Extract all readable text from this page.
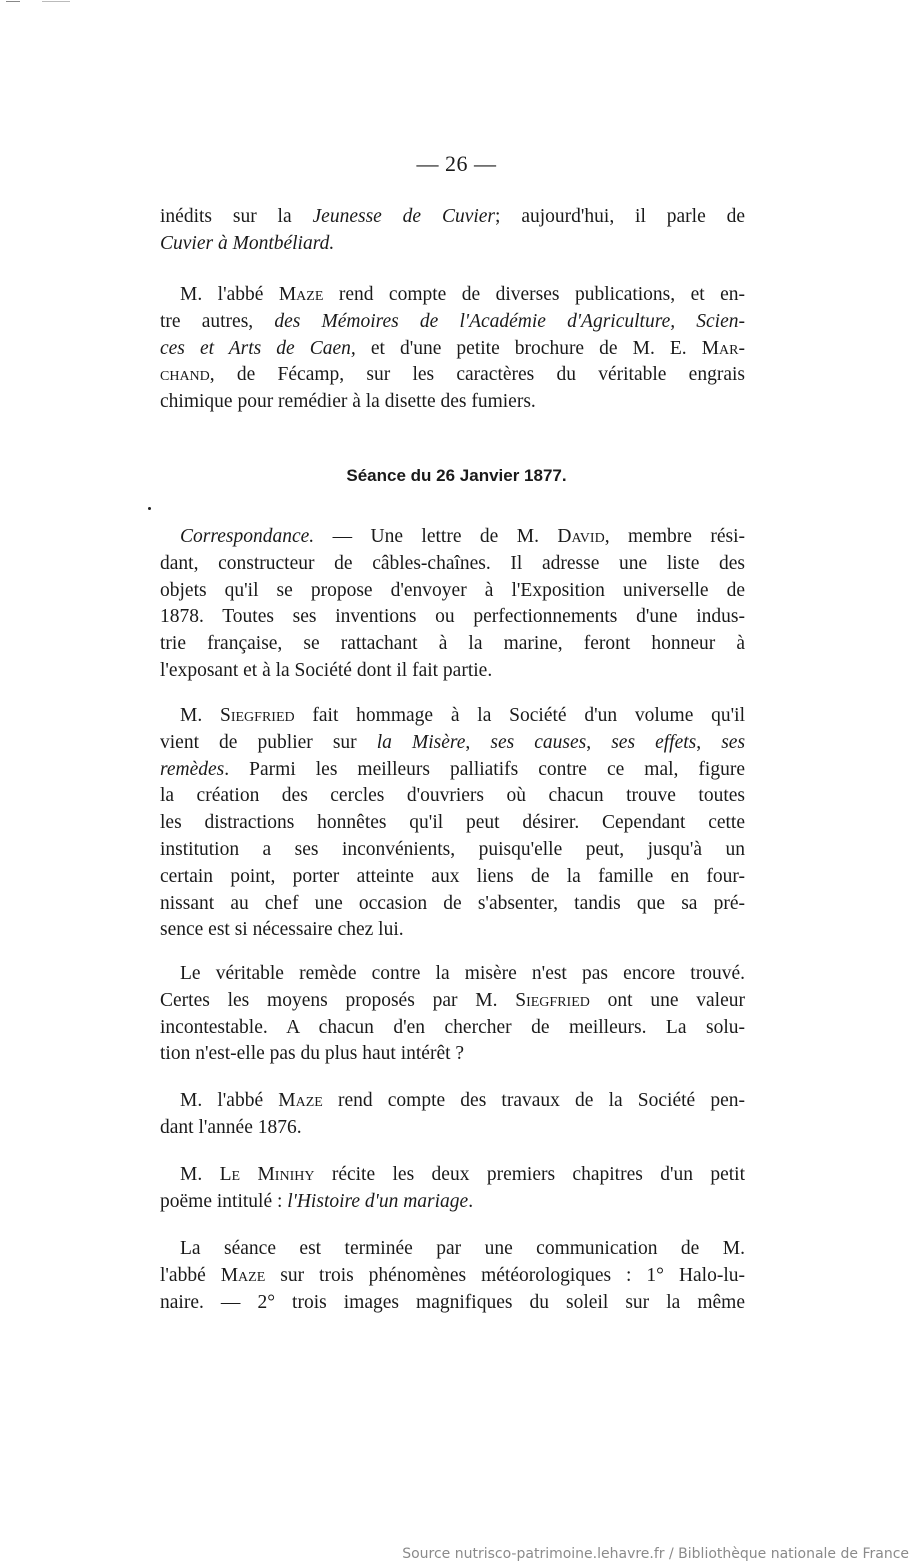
— 26 —
inédits sur la Jeunesse de Cuvier; aujourd'hui, il parle de
Cuvier à Montbéliard.
M. l'abbé Maze rend compte de diverses publications, et en-
tre autres, des Mémoires de l'Académie d'Agriculture, Scien-
ces et Arts de Caen, et d'une petite brochure de M. E. Mar-
chand, de Fécamp, sur les caractères du véritable engrais
chimique pour remédier à la disette des fumiers.
Séance du 26 Janvier 1877.
Correspondance. — Une lettre de M. David, membre rési-
dant, constructeur de câbles-chaînes. Il adresse une liste des
objets qu'il se propose d'envoyer à l'Exposition universelle de
1878. Toutes ses inventions ou perfectionnements d'une indus-
trie française, se rattachant à la marine, feront honneur à
l'exposant et à la Société dont il fait partie.
M. Siegfried fait hommage à la Société d'un volume qu'il
vient de publier sur la Misère, ses causes, ses effets, ses
remèdes. Parmi les meilleurs palliatifs contre ce mal, figure
la création des cercles d'ouvriers où chacun trouve toutes
les distractions honnêtes qu'il peut désirer. Cependant cette
institution a ses inconvénients, puisqu'elle peut, jusqu'à un
certain point, porter atteinte aux liens de la famille en four-
nissant au chef une occasion de s'absenter, tandis que sa pré-
sence est si nécessaire chez lui.
Le véritable remède contre la misère n'est pas encore trouvé.
Certes les moyens proposés par M. Siegfried ont une valeur
incontestable. A chacun d'en chercher de meilleurs. La solu-
tion n'est-elle pas du plus haut intérêt ?
M. l'abbé Maze rend compte des travaux de la Société pen-
dant l'année 1876.
M. Le Minihy récite les deux premiers chapitres d'un petit
poëme intitulé : l'Histoire d'un mariage.
La séance est terminée par une communication de M.
l'abbé Maze sur trois phénomènes météorologiques : 1° Halo-lu-
naire. — 2° trois images magnifiques du soleil sur la même
Source nutrisco-patrimoine.lehavre.fr / Bibliothèque nationale de France
